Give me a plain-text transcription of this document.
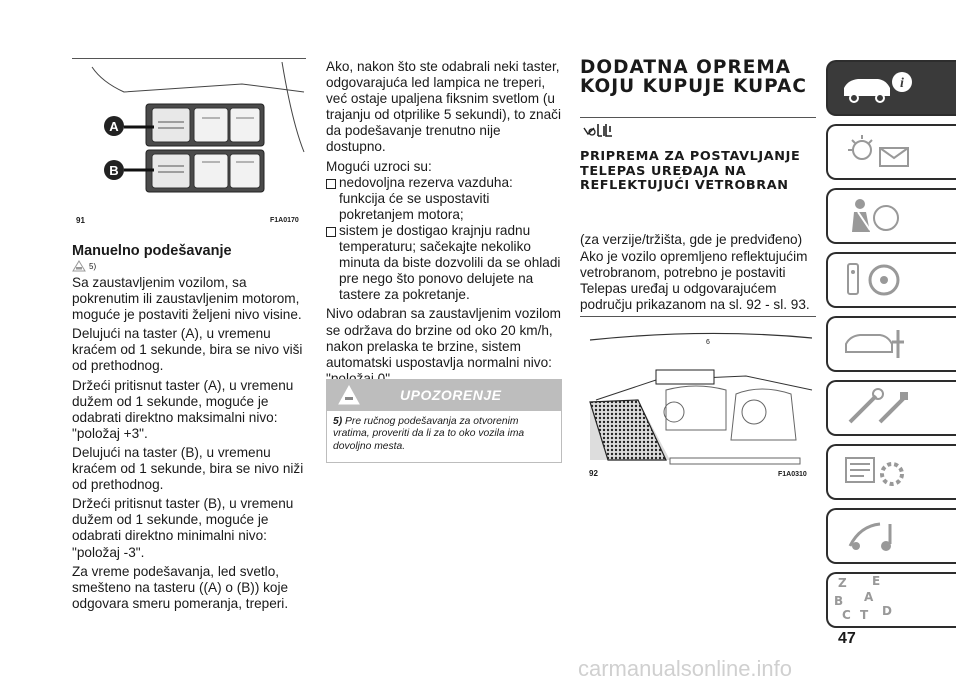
A
B
91	F1A0170
Manuelno podešavanje
5)

Sa zaustavljenim vozilom, sa pokrenutim ili zaustavljenim motorom, moguće je postaviti željeni nivo visine.

Delujući na taster (A), u vremenu kraćem od 1 sekunde, bira se nivo viši od prethodnog.

Držeći pritisnut taster (A), u vremenu dužem od 1 sekunde, moguće je odabrati direktno maksimalni nivo: "položaj +3".

Delujući na taster (B), u vremenu kraćem od 1 sekunde, bira se nivo niži od prethodnog.

Držeći pritisnut taster (B), u vremenu dužem od 1 sekunde, moguće je odabrati direktno minimalni nivo: "položaj -3".

Za vreme podešavanja, led svetlo, smešteno na tasteru ((A) o (B)) koje odgovara smeru pomeranja, treperi.

Ako, nakon što ste odabrali neki taster, odgovarajuća led lampica ne treperi, već ostaje upaljena fiksnim svetlom (u trajanju od otprilike 5 sekundi), to znači da podešavanje trenutno nije dostupno.

Mogući uzroci su:

nedovoljna rezerva vazduha: funkcija će se uspostaviti pokretanjem motora;

sistem je dostigao krajnju radnu temperaturu; sačekajte nekoliko minuta da biste dozvolili da se ohladi pre nego što ponovo delujete na tastere za pokretanje.

Nivo odabran sa zaustavljenim vozilom se održava do brzine od oko 20 km/h, nakon prelaska te brzine, sistem automatski uspostavlja normalni nivo:

UPOZORENJE

5) Pre ručnog podešavanja za otvorenim vratima, proveriti da li za to oko vozila ima dovoljno mesta.

DODATNA OPREMA KOJU KUPUJE KUPAC
PRIPREMA ZA POSTAVLJANJE TELEPAS UREĐAJA NA REFLEKTUJUĆI VETROBRAN

(za verzije/tržišta, gde je predviđeno)

Ako je vozilo opremljeno reflektujućim vetrobranom, potrebno je postaviti Telepas uređaj u odgovarajućem području prikazanom na sl. 92 - sl. 93.

6
92	F1A0310
i
Z E
B A
C T D
47
carmanualsonline.info
